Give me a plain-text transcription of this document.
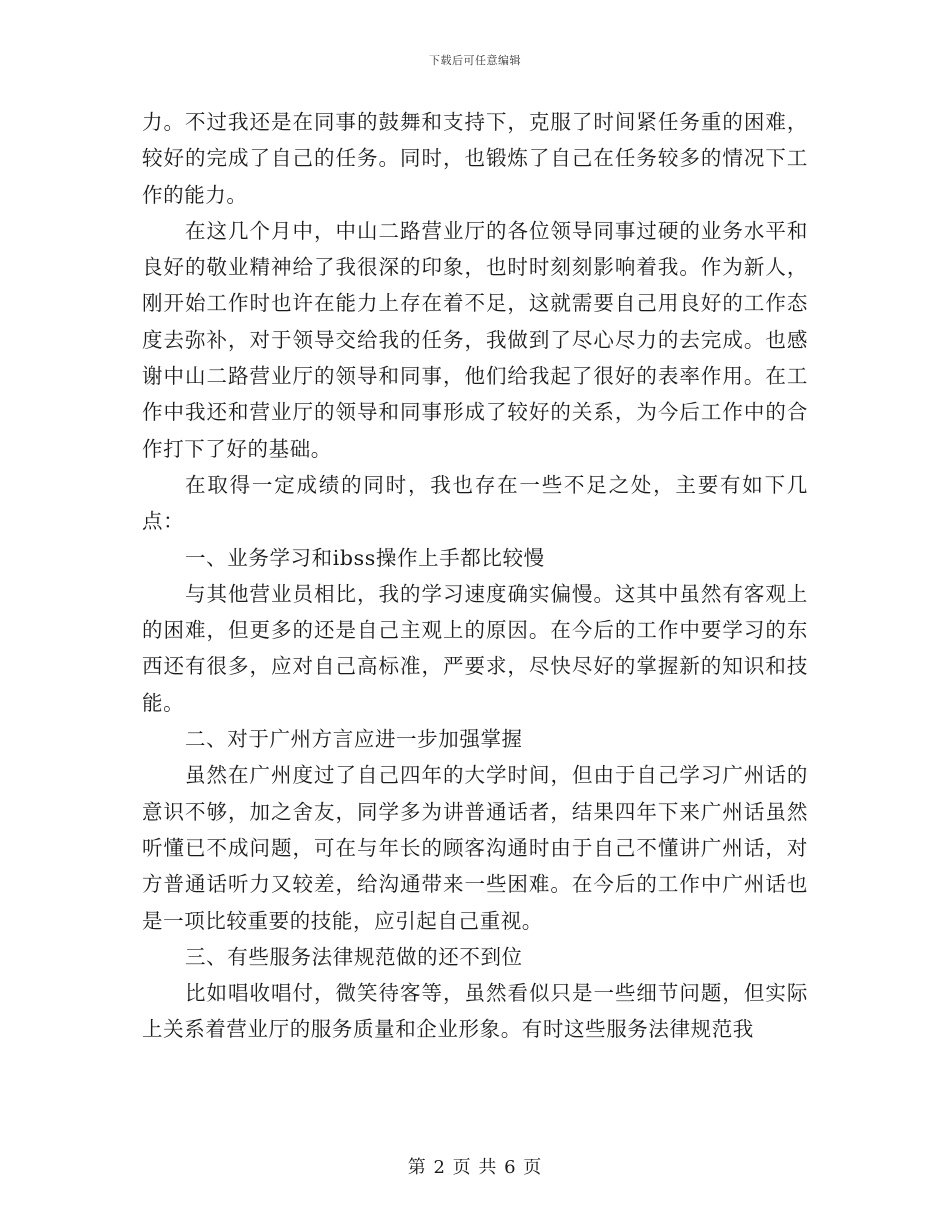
下载后可任意编辑

力。不过我还是在同事的鼓舞和支持下，克服了时间紧任务重的困难，较好的完成了自己的任务。同时，也锻炼了自己在任务较多的情况下工作的能力。

在这几个月中，中山二路营业厅的各位领导同事过硬的业务水平和良好的敬业精神给了我很深的印象，也时时刻刻影响着我。作为新人，刚开始工作时也许在能力上存在着不足，这就需要自己用良好的工作态度去弥补，对于领导交给我的任务，我做到了尽心尽力的去完成。也感谢中山二路营业厅的领导和同事，他们给我起了很好的表率作用。在工作中我还和营业厅的领导和同事形成了较好的关系，为今后工作中的合作打下了好的基础。

在取得一定成绩的同时，我也存在一些不足之处，主要有如下几点：

一、业务学习和ibss操作上手都比较慢

与其他营业员相比，我的学习速度确实偏慢。这其中虽然有客观上的困难，但更多的还是自己主观上的原因。在今后的工作中要学习的东西还有很多，应对自己高标准，严要求，尽快尽好的掌握新的知识和技能。

二、对于广州方言应进一步加强掌握

虽然在广州度过了自己四年的大学时间，但由于自己学习广州话的意识不够，加之舍友，同学多为讲普通话者，结果四年下来广州话虽然听懂已不成问题，可在与年长的顾客沟通时由于自己不懂讲广州话，对方普通话听力又较差，给沟通带来一些困难。在今后的工作中广州话也是一项比较重要的技能，应引起自己重视。

三、有些服务法律规范做的还不到位

比如唱收唱付，微笑待客等，虽然看似只是一些细节问题，但实际上关系着营业厅的服务质量和企业形象。有时这些服务法律规范我

第 2 页 共 6 页
